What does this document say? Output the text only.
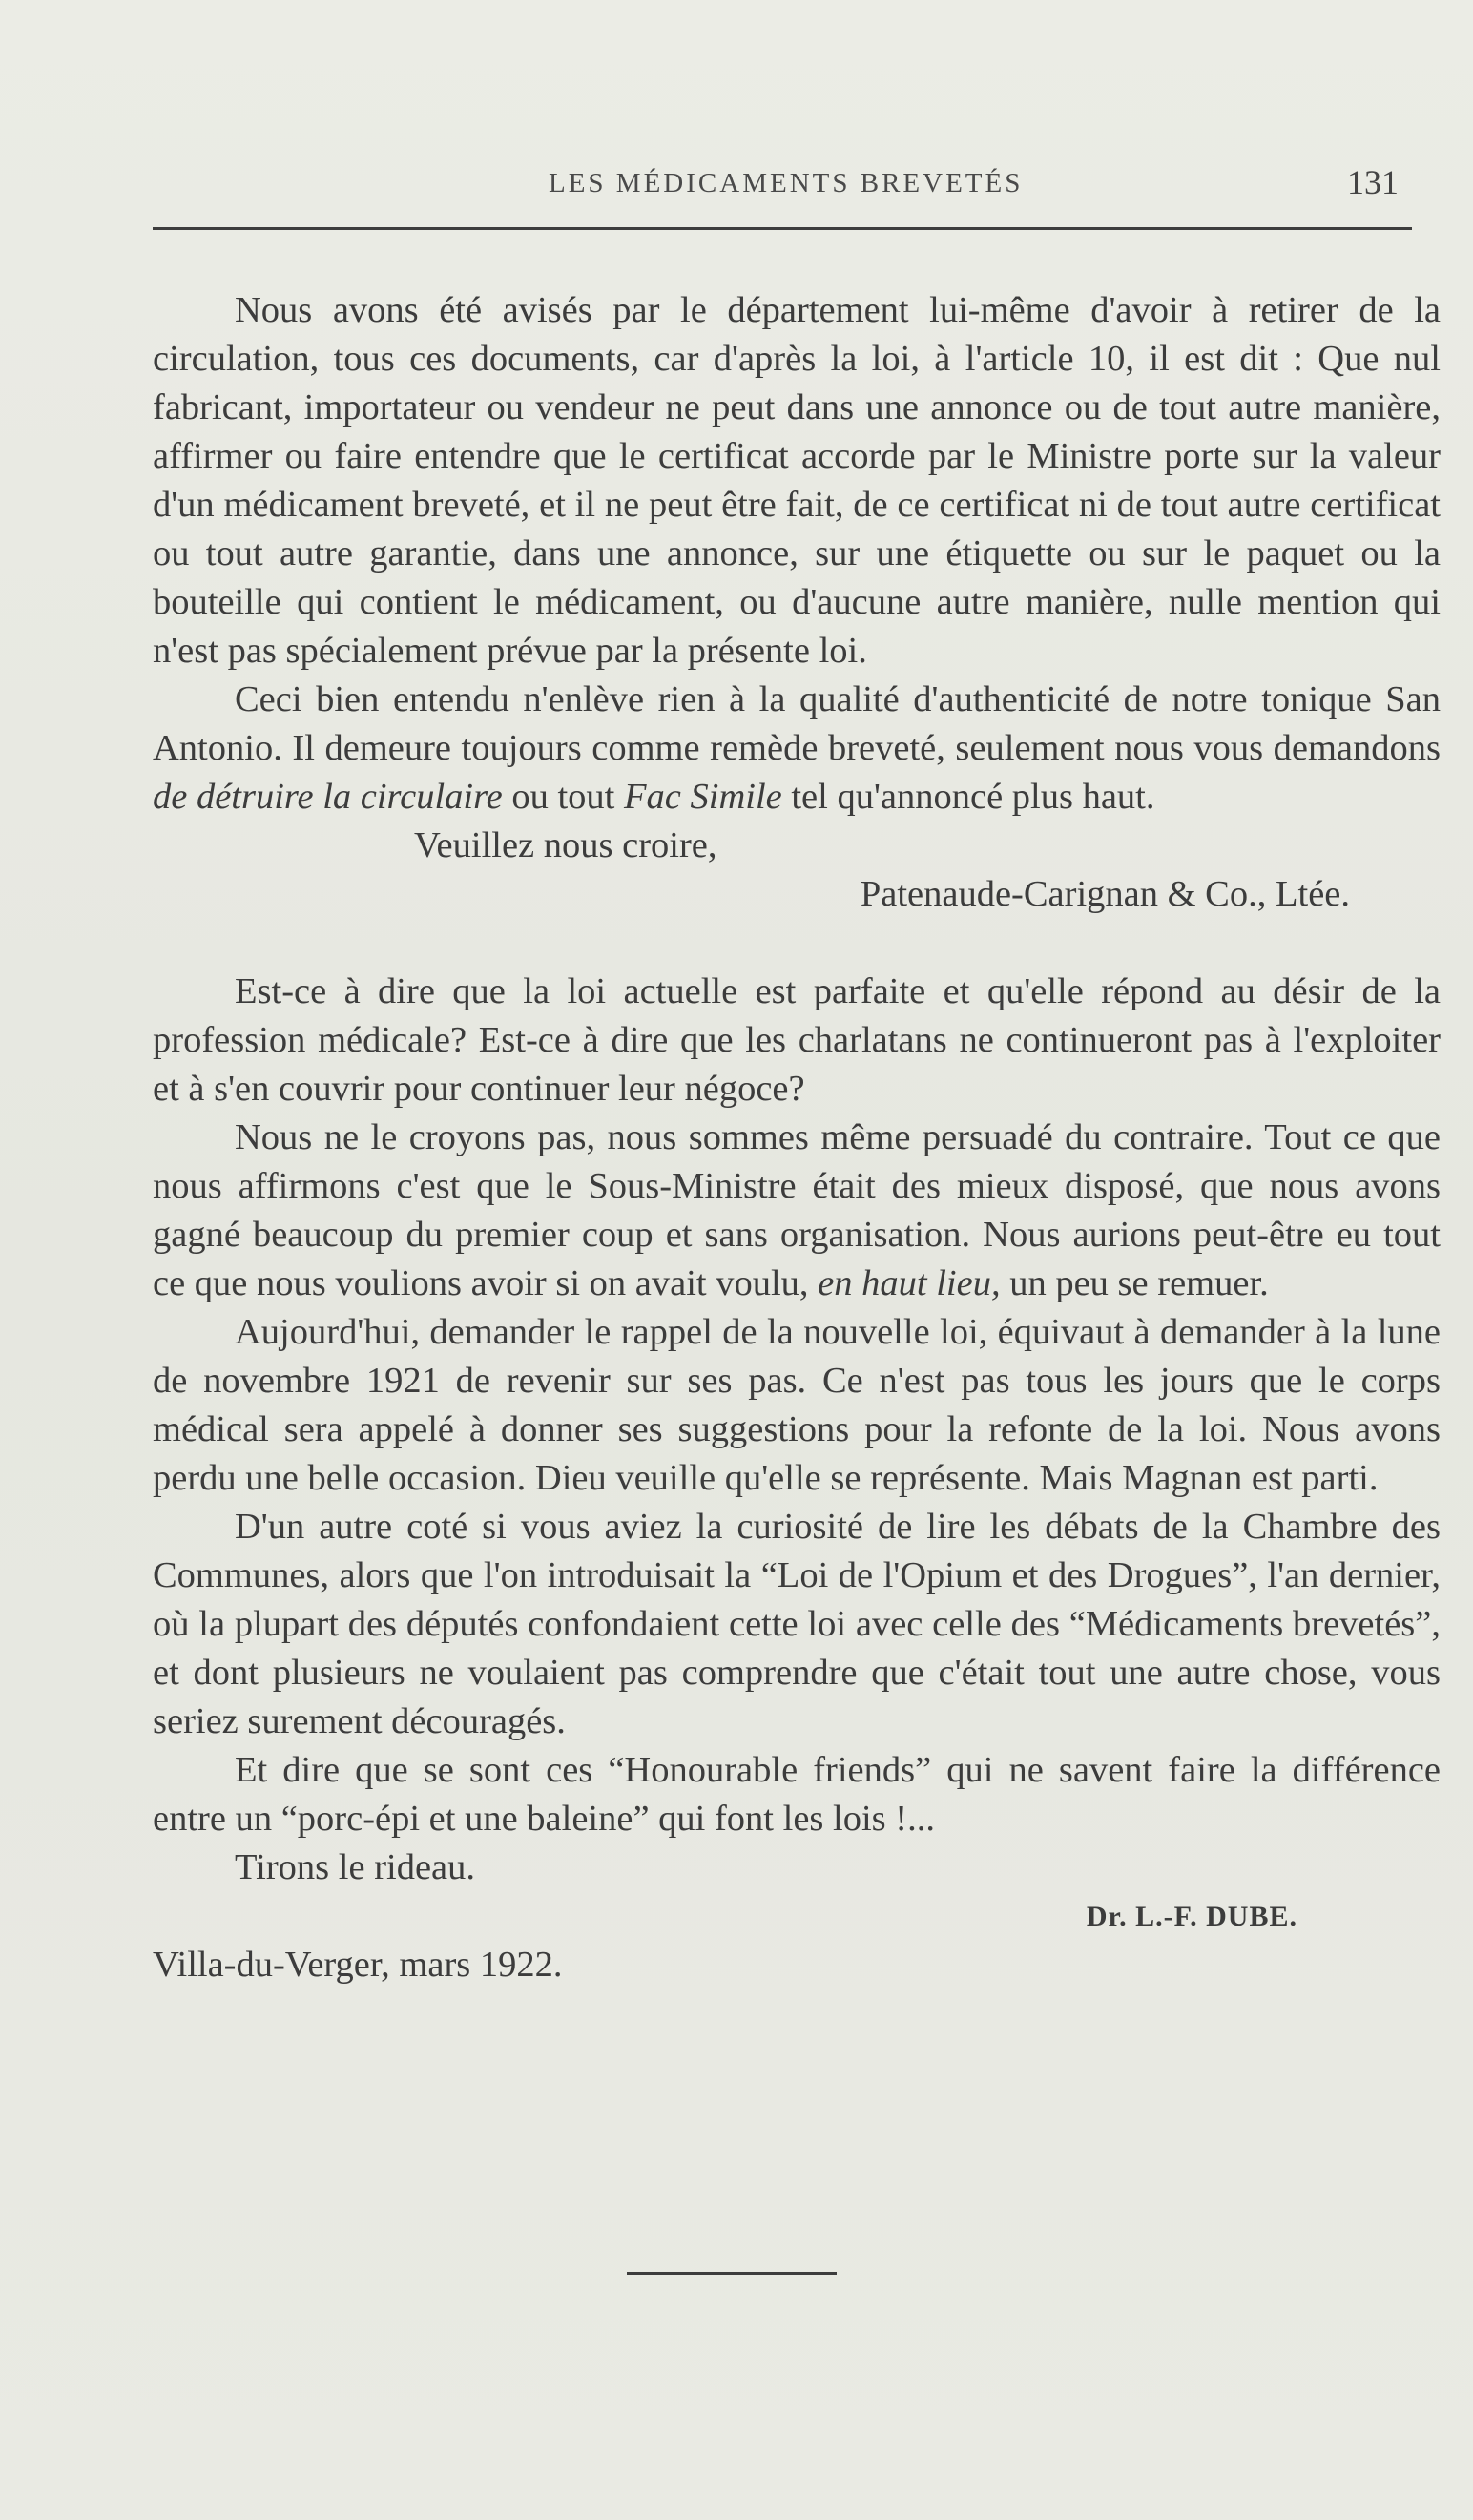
LES MÉDICAMENTS BREVETÉS	131

Nous avons été avisés par le département lui-même d'avoir à retirer de la circulation, tous ces documents, car d'après la loi, à l'article 10, il est dit : Que nul fabricant, importateur ou vendeur ne peut dans une annonce ou de tout autre manière, affirmer ou faire entendre que le certificat accorde par le Ministre porte sur la valeur d'un médicament breveté, et il ne peut être fait, de ce certificat ni de tout autre certificat ou tout autre garantie, dans une annonce, sur une étiquette ou sur le paquet ou la bouteille qui contient le médicament, ou d'aucune autre manière, nulle mention qui n'est pas spécialement prévue par la présente loi.

Ceci bien entendu n'enlève rien à la qualité d'authenticité de notre tonique San Antonio. Il demeure toujours comme remède breveté, seulement nous vous demandons de détruire la circulaire ou tout Fac Simile tel qu'annoncé plus haut.

Veuillez nous croire,

Patenaude-Carignan & Co., Ltée.

Est-ce à dire que la loi actuelle est parfaite et qu'elle répond au désir de la profession médicale? Est-ce à dire que les charlatans ne continueront pas à l'exploiter et à s'en couvrir pour continuer leur négoce?

Nous ne le croyons pas, nous sommes même persuadé du contraire. Tout ce que nous affirmons c'est que le Sous-Ministre était des mieux disposé, que nous avons gagné beaucoup du premier coup et sans organisation. Nous aurions peut-être eu tout ce que nous voulions avoir si on avait voulu, en haut lieu, un peu se remuer.

Aujourd'hui, demander le rappel de la nouvelle loi, équivaut à demander à la lune de novembre 1921 de revenir sur ses pas. Ce n'est pas tous les jours que le corps médical sera appelé à donner ses suggestions pour la refonte de la loi. Nous avons perdu une belle occasion. Dieu veuille qu'elle se représente. Mais Magnan est parti.

D'un autre coté si vous aviez la curiosité de lire les débats de la Chambre des Communes, alors que l'on introduisait la “Loi de l'Opium et des Drogues”, l'an dernier, où la plupart des députés confondaient cette loi avec celle des “Médicaments brevetés”, et dont plusieurs ne voulaient pas comprendre que c'était tout une autre chose, vous seriez surement découragés.

Et dire que se sont ces “Honourable friends” qui ne savent faire la différence entre un “porc-épi et une baleine” qui font les lois !...

Tirons le rideau.

Dr. L.-F. DUBE.

Villa-du-Verger, mars 1922.
